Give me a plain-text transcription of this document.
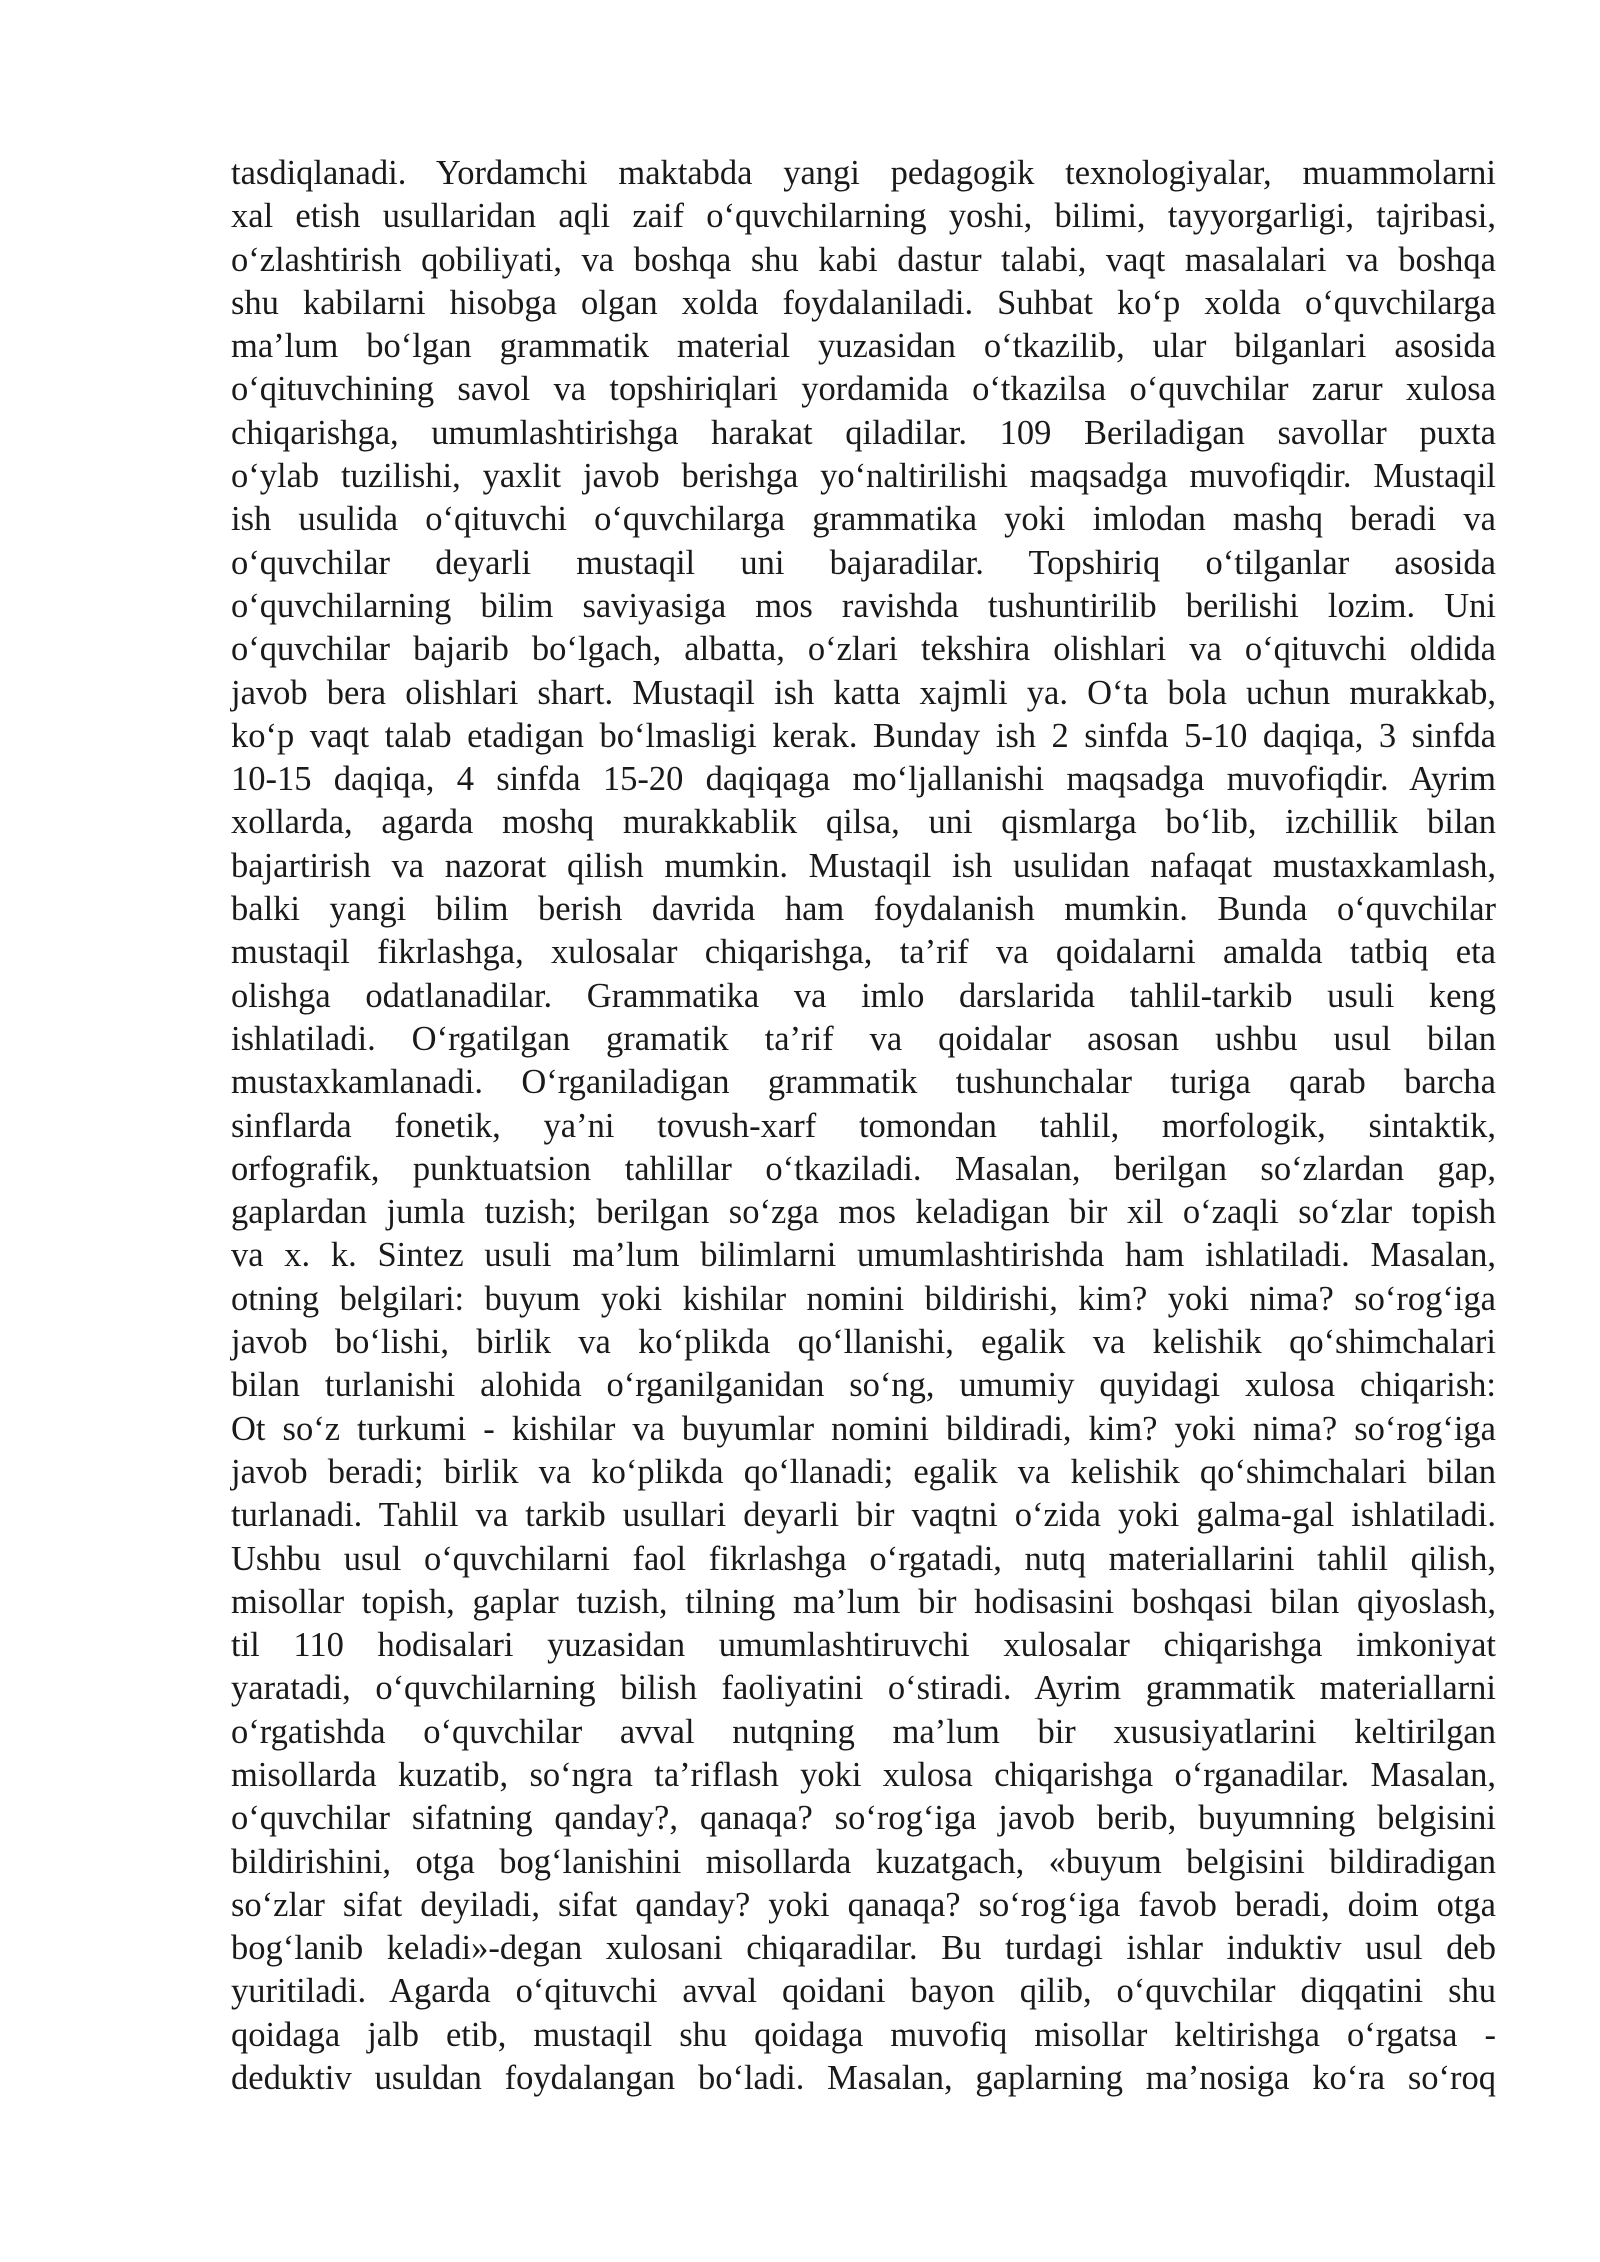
tasdiqlanadi. Yordamchi maktabda yangi pedagogik texnologiyalar, muammolarni
xal etish usullaridan aqli zaif o‘quvchilarning yoshi, bilimi, tayyorgarligi, tajribasi,
o‘zlashtirish qobiliyati, va boshqa shu kabi dastur talabi, vaqt masalalari va boshqa
shu kabilarni hisobga olgan xolda foydalaniladi. Suhbat ko‘p xolda o‘quvchilarga
ma’lum bo‘lgan grammatik material yuzasidan o‘tkazilib, ular bilganlari asosida
o‘qituvchining savol va topshiriqlari yordamida o‘tkazilsa o‘quvchilar zarur xulosa
chiqarishga, umumlashtirishga harakat qiladilar. 109 Beriladigan savollar puxta
o‘ylab tuzilishi, yaxlit javob berishga yo‘naltirilishi maqsadga muvofiqdir. Mustaqil
ish usulida o‘qituvchi o‘quvchilarga grammatika yoki imlodan mashq beradi va
o‘quvchilar deyarli mustaqil uni bajaradilar. Topshiriq o‘tilganlar asosida
o‘quvchilarning bilim saviyasiga mos ravishda tushuntirilib berilishi lozim. Uni
o‘quvchilar bajarib bo‘lgach, albatta, o‘zlari tekshira olishlari va o‘qituvchi oldida
javob bera olishlari shart. Mustaqil ish katta xajmli ya. O‘ta bola uchun murakkab,
ko‘p vaqt talab etadigan bo‘lmasligi kerak. Bunday ish 2 sinfda 5-10 daqiqa, 3 sinfda
10-15 daqiqa, 4 sinfda 15-20 daqiqaga mo‘ljallanishi maqsadga muvofiqdir. Ayrim
xollarda, agarda moshq murakkablik qilsa, uni qismlarga bo‘lib, izchillik bilan
bajartirish va nazorat qilish mumkin. Mustaqil ish usulidan nafaqat mustaxkamlash,
balki yangi bilim berish davrida ham foydalanish mumkin. Bunda o‘quvchilar
mustaqil fikrlashga, xulosalar chiqarishga, ta’rif va qoidalarni amalda tatbiq eta
olishga odatlanadilar. Grammatika va imlo darslarida tahlil-tarkib usuli keng
ishlatiladi. O‘rgatilgan gramatik ta’rif va qoidalar asosan ushbu usul bilan
mustaxkamlanadi. O‘rganiladigan grammatik tushunchalar turiga qarab barcha
sinflarda fonetik, ya’ni tovush-xarf tomondan tahlil, morfologik, sintaktik,
orfografik, punktuatsion tahlillar o‘tkaziladi. Masalan, berilgan so‘zlardan gap,
gaplardan jumla tuzish; berilgan so‘zga mos keladigan bir xil o‘zaqli so‘zlar topish
va x. k. Sintez usuli ma’lum bilimlarni umumlashtirishda ham ishlatiladi. Masalan,
otning belgilari: buyum yoki kishilar nomini bildirishi, kim? yoki nima? so‘rog‘iga
javob bo‘lishi, birlik va ko‘plikda qo‘llanishi, egalik va kelishik qo‘shimchalari
bilan turlanishi alohida o‘rganilganidan so‘ng, umumiy quyidagi xulosa chiqarish:
Ot so‘z turkumi - kishilar va buyumlar nomini bildiradi, kim? yoki nima? so‘rog‘iga
javob beradi; birlik va ko‘plikda qo‘llanadi; egalik va kelishik qo‘shimchalari bilan
turlanadi. Tahlil va tarkib usullari deyarli bir vaqtni o‘zida yoki galma-gal ishlatiladi.
Ushbu usul o‘quvchilarni faol fikrlashga o‘rgatadi, nutq materiallarini tahlil qilish,
misollar topish, gaplar tuzish, tilning ma’lum bir hodisasini boshqasi bilan qiyoslash,
til 110 hodisalari yuzasidan umumlashtiruvchi xulosalar chiqarishga imkoniyat
yaratadi, o‘quvchilarning bilish faoliyatini o‘stiradi. Ayrim grammatik materiallarni
o‘rgatishda o‘quvchilar avval nutqning ma’lum bir xususiyatlarini keltirilgan
misollarda kuzatib, so‘ngra ta’riflash yoki xulosa chiqarishga o‘rganadilar. Masalan,
o‘quvchilar sifatning qanday?, qanaqa? so‘rog‘iga javob berib, buyumning belgisini
bildirishini, otga bog‘lanishini misollarda kuzatgach, «buyum belgisini bildiradigan
so‘zlar sifat deyiladi, sifat qanday? yoki qanaqa? so‘rog‘iga favob beradi, doim otga
bog‘lanib keladi»-degan xulosani chiqaradilar. Bu turdagi ishlar induktiv usul deb
yuritiladi. Agarda o‘qituvchi avval qoidani bayon qilib, o‘quvchilar diqqatini shu
qoidaga jalb etib, mustaqil shu qoidaga muvofiq misollar keltirishga o‘rgatsa -
deduktiv usuldan foydalangan bo‘ladi. Masalan, gaplarning ma’nosiga ko‘ra so‘roq
